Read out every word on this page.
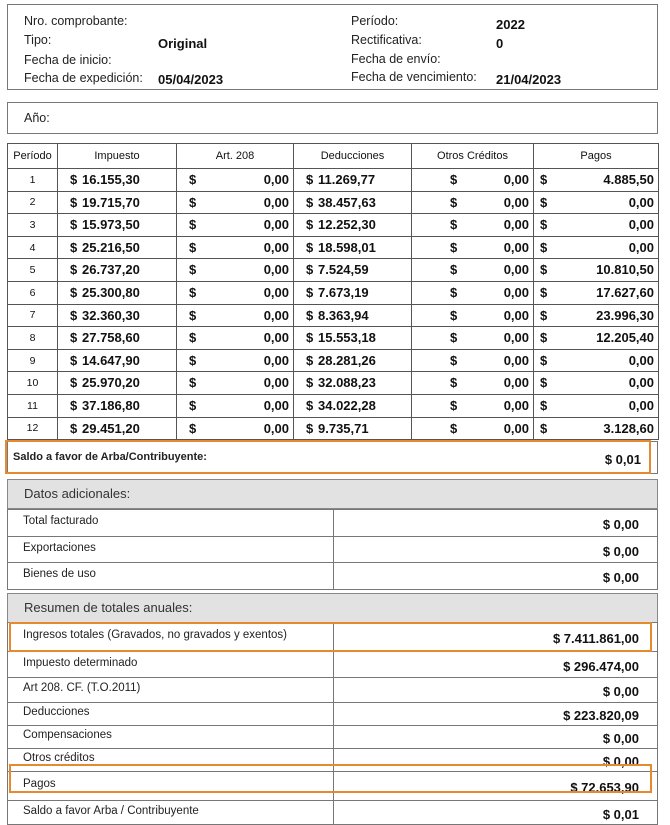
Nro. comprobante:
Tipo:	Original
Fecha de inicio:
Fecha de expedición: 05/04/2023
Período:	2022
Rectificativa:	0
Fecha de envío:
Fecha de vencimiento: 21/04/2023
Año:
Período	Impuesto	Art. 208	Deducciones	Otros Créditos	Pagos
1	$ 16.155,30	$ 0,00	$ 11.269,77	$ 0,00	$ 4.885,50

2	$ 19.715,70	$ 0,00	$ 38.457,63	$ 0,00	$ 0,00

3	$ 15.973,50	$ 0,00	$ 12.252,30	$ 0,00	$ 0,00

4	$ 25.216,50	$ 0,00	$ 18.598,01	$ 0,00	$ 0,00

5	$ 26.737,20	$ 0,00	$ 7.524,59	$ 0,00	$ 10.810,50

6	$ 25.300,80	$ 0,00	$ 7.673,19	$ 0,00	$ 17.627,60

7	$ 32.360,30	$ 0,00	$ 8.363,94	$ 0,00	$ 23.996,30

8	$ 27.758,60	$ 0,00	$ 15.553,18	$ 0,00	$ 12.205,40

9	$ 14.647,90	$ 0,00	$ 28.281,26	$ 0,00	$ 0,00

10	$ 25.970,20	$ 0,00	$ 32.088,23	$ 0,00	$ 0,00

11	$ 37.186,80	$ 0,00	$ 34.022,28	$ 0,00	$ 0,00

12	$ 29.451,20	$ 0,00	$ 9.735,71	$ 0,00	$ 3.128,60
Saldo a favor de Arba/Contribuyente:	$ 0,01
Datos adicionales:
Total facturado	$ 0,00
Exportaciones	$ 0,00
Bienes de uso	$ 0,00
Resumen de totales anuales:
Ingresos totales (Gravados, no gravados y exentos)	$ 7.411.861,00
Impuesto determinado	$ 296.474,00
Art 208. CF. (T.O.2011)	$ 0,00
Deducciones	$ 223.820,09
Compensaciones	$ 0,00
Otros créditos	$ 0,00
Pagos	$ 72.653,90
Saldo a favor Arba / Contribuyente	$ 0,01
